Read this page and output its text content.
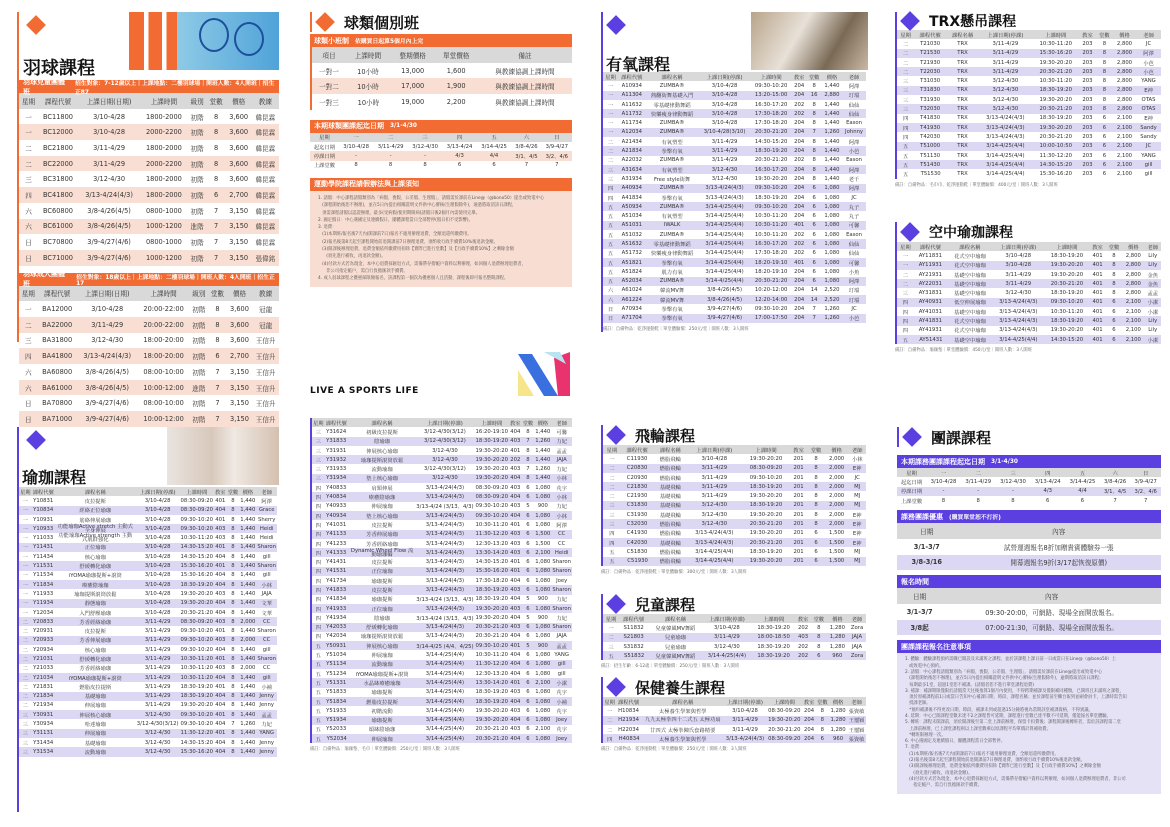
羽球課程
羽球兒童團體班
招生對象：7-12歲以上｜上課地點：二樓羽球場｜開班人數：4人開班｜招生正87
星期	課程代號	上課日期(日期)	上課時間	級別	堂數	價格	教練
一	BC11800	3/10-4/28	1800-2000	初階	8	3,600	韓昆霖
一	BC12000	3/10-4/28	2000-2200	初階	8	3,600	韓昆霖
二	BC21800	3/11-4/29	1800-2000	初階	8	3,600	韓昆霖
二	BC22000	3/11-4/29	2000-2200	初階	8	3,600	韓昆霖
三	BC31800	3/12-4/30	1800-2000	初階	8	3,600	韓昆霖
四	BC41800	3/13-4/24(4/3)	1800-2000	初階	6	2,700	韓昆霖
六	BC60800	3/8-4/26(4/5)	0800-1000	初階	7	3,150	韓昆霖
六	BC61000	3/8-4/26(4/5)	1000-1200	進階	7	3,150	韓昆霖
日	BC70800	3/9-4/27(4/6)	0800-1000	初階	7	3,150	韓昆霖
日	BC71000	3/9-4/27(4/6)	1000-1200	初階	7	3,150	張偉銘
羽球成人團體班
招生對象：18歲以上｜上課地點：二樓羽球場｜開班人數：4人開班｜招生正17
星期	課程代號	上課日期(日期)	上課時間	級別	堂數	價格	教練
一	BA12000	3/10-4/28	20:00-22:00	初階	8	3,600	冠龍
二	BA22000	3/11-4/29	20:00-22:00	初階	8	3,600	冠龍
三	BA31800	3/12-4/30	18:00-20:00	初階	8	3,600	王信升
四	BA41800	3/13-4/24(4/3)	18:00-20:00	初階	6	2,700	王信升
六	BA60800	3/8-4/26(4/5)	08:00-10:00	初階	7	3,150	王信升
六	BA61000	3/8-4/26(4/5)	10:00-12:00	進階	7	3,150	王信升
日	BA70800	3/9-4/27(4/6)	08:00-10:00	初階	7	3,150	王信升
日	BA71000	3/9-4/27(4/6)	10:00-12:00	初階	7	3,150	王信升
球類個別班
球類小班制 依購買日起算5個月內上完
項目	上課時間	整期價格	單堂價格	備註
一對一	10小時	13,000	1,600	與教練協調上課時間
一對二	10小時	17,000	1,900	與教練協調上課時間
一對三	10小時	19,000	2,200	與教練協調上課時間
本期球類團課起迄日期 3/1-4/30
星期	一	二	三	四	五	六	日
起迄日期	3/10-4/28	3/11-4/29	3/12-4/30	3/13-4/24	3/14-4/25	3/8-4/26	3/9-4/27
停課日期	-	-	-	4/3	4/4	3/1、4/5	3/2、4/6
上課堂數	8	8	8	6	6	7	7
運動學院課程請假辦法與上課須知
1. 請假：中心課程請假類別為「病假、喪假、公差假、生理假」，請假需於課前在Line@（@bono50）提出或致電中心
(課程開始後恕不辦理)，並在5日內提出相關證明文件供中心審核(生理假除外)，通過將取消該日課程，
須需課程請假以認證辦理，最多(受病假/使用期限病)請假日後2個月內需使用完畢。
2. 國定假日：中心遇國定及連續假日，團體課程當日全部暫停(假日扣不受影響)。
3. 退費：
(1)本期班/報名後7天內(開課前7日)報名不適用辦理退費，全額退還所繳費用。
(2)報名後第8天起至課程開始前退開課前7日辦理退費，須酌收行政手續費10%後退款金額。
(3)開課後辦理退費，退費金額依所繳費用扣除【實際已進行堂數】及【行政手續費10%】之剩餘金額
(須先進行補收，再退款金額)。
(4)付款方式若為現金，本中心退費採匯退方式，需備帶存摺帳戶資料以利辦理，如回個人退費辦理退費者，
非公司指定帳戶，需自行負擔匯款手續費。
4. 成人羽球課程之優惠採限額報名，該課程第一個次為優惠個人且活動，課程後即可報名整期課程。
LIVE A SPORTS LIFE
有氧課程
星期	課程代號	課程名稱	上課日期(停課)	上課時間	教室	堂數	價格	老師
一	A10934	ZUMBA®	3/10-4/28	09:30-10:20	204	8	1,440	阿澤
一	A11304	熱翻街舞基礎入門	3/10-4/28	13:20-15:00	204	16	2,880	玎璫
一	A11632	零基礎律動舞蹈	3/10-4/28	16:30-17:20	202	8	1,440	仙仙
一	A11732	快樂瘦身律動舞蹈	3/10-4/28	17:30-18:20	202	8	1,440	仙仙
一	A11734	ZUMBA®	3/10-4/28	17:30-18:20	204	8	1,440	Eason
一	A12034	ZUMBA®	3/10-4/28(3/10)	20:30-21:20	204	7	1,260	Johnny
二	A21434	有氧塑型	3/11-4/29	14:30-15:20	204	8	1,440	阿澤
二	A21834	拳擊有氧	3/11-4/29	18:30-19:20	204	8	1,440	小芭
二	A22032	ZUMBA®	3/11-4/29	20:30-21:20	202	8	1,440	Eason
三	A31634	有氧塑型	3/12-4/30	16:30-17:20	204	8	1,440	阿澤
三	A31934	Free style街舞	3/12-4/30	19:30-20:20	204	8	1,440	老千
四	A40934	ZUMBA®	3/13-4/24(4/3)	09:30-10:20	204	6	1,080	阿澤
四	A41834	拳擊有氧	3/13-4/24(4/3)	18:30-19:20	204	6	1,080	JC
五	A50934	ZUMBA®	3/14-4/25(4/4)	09:30-10:20	204	6	1,080	丸子
五	A51034	有氧塑型	3/14-4/25(4/4)	10:30-11:20	204	6	1,080	丸子
五	A51031	IWALK	3/14-4/25(4/4)	10:30-11:20	401	6	1,080	可馨
五	A51032	ZUMBA®	3/14-4/25(4/4)	10:30-11:20	202	6	1,080	Eason
五	A51632	零基礎律動舞蹈	3/14-4/25(4/4)	16:30-17:20	202	6	1,080	仙仙
五	A51732	快樂瘦身律動舞蹈	3/14-4/25(4/4)	17:30-18:20	202	6	1,080	仙仙
五	A51821	拳擊有氧	3/14-4/25(4/4)	18:20-19:10	401	6	1,080	可馨
五	A51824	肌力有氧	3/14-4/25(4/4)	18:20-19:10	204	6	1,080	小魚
五	A52034	ZUMBA®	3/14-4/25(4/4)	20:30-21:20	204	6	1,080	阿澤
六	A61024	韓流MV舞	3/8-4/26(4/5)	10:20-12:00	204	14	2,520	玎璫
六	A61224	韓流MV舞	3/8-4/26(4/5)	12:20-14:00	204	14	2,520	玎璫
日	A70934	拳擊有氧	3/9-4/27(4/6)	09:30-10:20	204	7	1,260	JC
日	A71704	拳擊有氧	3/9-4/27(4/6)	17:00-17:50	204	7	1,260	小芭
備註：自備物品：乾淨運動鞋｜單堂體驗價：250元/堂｜開班人數：3人開班
TRX懸吊課程
星期	課程代號	課程名稱	上課日期(停課)	上課時間	教室	堂數	價格	老師
二	T21030	TRX	3/11-4/29	10:30-11:20	203	8	2,800	JC
二	T21530	TRX	3/11-4/29	15:30-16:20	203	8	2,800	阿澤
二	T21930	TRX	3/11-4/29	19:30-20:20	203	8	2,800	小芭
二	T22030	TRX	3/11-4/29	20:30-21:20	203	8	2,800	小芭
三	T31030	TRX	3/12-4/30	10:30-11:20	203	8	2,800	YANG
三	T31830	TRX	3/12-4/30	18:30-19:20	203	8	2,800	E神
三	T31930	TRX	3/12-4/30	19:30-20:20	203	8	2,800	OTAS
三	T32030	TRX	3/12-4/30	20:30-21:20	203	8	2,800	OTAS
四	T41830	TRX	3/13-4/24(4/3)	18:30-19:20	203	6	2,100	E神
四	T41930	TRX	3/13-4/24(4/3)	19:30-20:20	203	6	2,100	Sandy
四	T42030	TRX	3/13-4/24(4/3)	20:30-21:20	203	6	2,100	Sandy
五	T51000	TRX	3/14-4/25(4/4)	10:00-10:50	203	6	2,100	JC
五	T51130	TRX	3/14-4/25(4/4)	11:30-12:20	203	6	2,100	YANG
五	T51430	TRX	3/14-4/25(4/4)	14:30-15:20	203	6	2,100	gill
五	T51530	TRX	3/14-4/25(4/4)	15:30-16:20	203	6	2,100	gill
備註：自備物品：毛巾巾、乾淨運動鞋｜單堂體驗價：400元/堂｜開班人數：3人開班
空中瑜珈課程
星期	課程代號	課程名稱	上課日期(停課)	上課時間	教室	堂數	價格	老師
一	AY11831	花式空中瑜珈	3/10-4/28	18:30-19:20	401	8	2,800	Lily
一	AY11931	花式空中瑜珈	3/10-4/28	19:30-20:20	401	8	2,800	Lily
二	AY21931	基礎空中瑜珈	3/11-4/29	19:30-20:20	401	8	2,800	金魚
二	AY22031	基礎空中瑜珈	3/11-4/29	20:30-21:20	401	8	2,800	金魚
三	AY31831	基礎空中瑜珈	3/12-4/30	18:30-19:20	401	8	2,800	孟孟
四	AY40931	低空伸展瑜珈	3/13-4/24(4/3)	09:30-10:20	401	6	2,100	小潔
四	AY41031	基礎空中瑜珈	3/13-4/24(4/3)	10:30-11:20	401	6	2,100	小潔
四	AY41831	花式空中瑜珈	3/13-4/24(4/3)	18:30-19:20	401	6	2,100	Lily
四	AY41931	花式空中瑜珈	3/13-4/24(4/3)	19:30-20:20	401	6	2,100	Lily
五	AY51431	基礎空中瑜珈	3/14-4/25(4/4)	14:30-15:20	401	6	2,100	小潔
備註：自備物品：瑜珈墊｜單堂體驗價：450元/堂｜開班人數：3人開班
瑜珈課程
星期	課程代號	課程名稱	上課日期(停課)	上課時間	教室	堂數	價格	老師
一	Y10831	皮拉提斯	3/10-4/28	08:30-09:20	401	8	1,440	阿澤
一	Y10834	經絡正位瑜珈	3/10-4/28	08:30-09:20	404	8	1,440	Grace
一	Y10931	筋絡伸展瑜珈	3/10-4/28	09:30-10:20	401	8	1,440	Sherry
一	Y10933	功能瑜珈Active stretch 主動式全身伸展	3/10-4/28	09:30-10:20	403	8	1,440	Heidi
一	Y11033	功能瑜珈Active strength 主動式肌群強化	3/10-4/28	10:30-11:20	403	8	1,440	Heidi
一	Y11431	正位瑜珈	3/10-4/28	14:30-15:20	401	8	1,440	Sharon
一	Y11434	核心瑜珈	3/10-4/28	14:30-15:20	404	8	1,440	gill
一	Y11531	舒緩轉化瑜珈	3/10-4/28	15:30-16:20	401	8	1,440	Sharon
一	Y11534	iYOMA瑜珈提斯+滾筒	3/10-4/28	15:30-16:20	404	8	1,440	gill
一	Y11834	療癒陰瑜珈	3/10-4/28	18:30-19:20	404	8	1,440	小林
一	Y11933	瑜珈提斯滾筒放鬆	3/10-4/28	19:30-20:20	403	8	1,440	JAJA
一	Y11934	靜態瑜珈	3/10-4/28	19:30-20:20	404	8	1,440	文華
一	Y12034	入門舒壓瑜珈	3/10-4/28	20:30-21:20	404	8	1,440	文華
二	Y20833	芳香經絡瑜珈	3/11-4/29	08:30-09:20	403	8	2,000	CC
二	Y20931	皮拉提斯	3/11-4/29	09:30-10:20	401	8	1,440	Sharon
二	Y20933	芳香伸展瑜珈	3/11-4/29	09:30-10:20	403	8	2,000	CC
二	Y20934	核心瑜珈	3/11-4/29	09:30-10:20	404	8	1,440	gill
二	Y21031	舒緩轉化瑜珈	3/11-4/29	10:30-11:20	401	8	1,440	Sharon
二	Y21033	芳香經絡瑜珈	3/11-4/29	10:30-11:20	403	8	2,000	CC
二	Y21034	iYOMA瑜珈提斯+滾筒	3/11-4/29	10:30-11:20	404	8	1,440	gill
二	Y21831	燃脂皮拉提斯	3/11-4/29	18:30-19:20	401	8	1,440	小補
二	Y21834	基礎瑜珈	3/11-4/29	18:30-19:20	404	8	1,440	Jenny
二	Y21934	伸展瑜珈	3/11-4/29	19:30-20:20	404	8	1,440	Jenny
三	Y30931	伸展核心瑜珈	3/12-4/30	09:30-10:20	401	8	1,440	孟孟
三	Y30934	哈達瑜珈	3/12-4/30(3/12)	09:30-10:20	404	7	1,260	力妃
三	Y31131	伸展瑜珈	3/12-4/30	11:30-12:20	401	8	1,440	YANG
三	Y31434	基礎瑜珈	3/12-4/30	14:30-15:20	404	8	1,440	Jenny
三	Y31534	流動瑜珈	3/12-4/30	15:30-16:20	404	8	1,440	Jenny
星期	課程代號	課程名稱	上課日期(停課)	上課時間	教室	堂數	價格	老師
三	Y31624	初級皮拉提斯	3/12-4/30(3/12)	16:20-19:10	404	8	1,440	可馨
三	Y31833	陰瑜珈	3/12-4/30(3/12)	18:30-19:20	403	7	1,260	力妃
三	Y31931	伸展核心瑜珈	3/12-4/30	19:30-20:20	401	8	1,440	孟孟
三	Y31932	瑜珈提斯滾筒放鬆	3/12-4/30	19:30-20:20	202	8	1,440	JAJA
三	Y31933	流動瑜珈	3/12-4/30(3/12)	19:30-20:20	403	7	1,260	力妃
三	Y31934	墊上核心瑜珈	3/12-4/30	19:30-20:20	404	8	1,440	小林
四	Y40833	肩頸伸展	3/13-4/24(4/3)	08:30-09:20	403	6	1,080	芃宇
四	Y40834	療癒陰瑜珈	3/13-4/24(4/3)	08:30-09:20	404	6	1,080	小林
四	Y40933	伸展瑜珈	3/13-4/24 (3/13、4/3)	09:30-10:20	403	5	900	力妃
四	Y40934	墊上核心瑜珈	3/13-4/24(4/3)	09:30-10:20	404	6	1,080	小林
四	Y41031	皮拉提斯	3/13-4/24(4/3)	10:30-11:20	401	6	1,080	阿澤
四	Y41133	芳香伸展瑜珈	3/13-4/24(4/3)	11:30-12:20	403	6	1,500	CC
四	Y41233	芳香經絡瑜珈	3/13-4/24(4/3)	12:30-13:20	403	6	1,500	CC
四	Y41333	Dynamic Wheel Flow 流動瑜珈輪	3/13-4/24(4/3)	13:30-14:20	403	6	2,100	Heidi
四	Y41431	皮拉提斯	3/13-4/24(4/3)	14:30-15:20	401	6	1,080	Sharon
四	Y41531	正位瑜珈	3/13-4/24(4/3)	15:30-16:20	401	6	1,080	Sharon
四	Y41734	瑜珈提斯	3/13-4/24(4/3)	17:30-18:20	404	6	1,080	Joey
四	Y41833	皮拉提斯	3/13-4/24(4/3)	18:30-19:20	403	6	1,080	Sharon
四	Y41834	瑜珈提斯	3/13-4/24 (3/13、4/3)	18:30-19:20	404	5	900	力妃
四	Y41933	正位瑜珈	3/13-4/24(4/3)	19:30-20:20	403	6	1,080	Sharon
四	Y41934	陰瑜珈	3/13-4/24 (3/13、4/3)	19:30-20:20	404	5	900	力妃
四	Y42033	舒緩轉化瑜珈	3/13-4/24(4/3)	20:30-21:20	403	6	1,080	Sharon
四	Y42034	瑜珈提斯滾筒放鬆	3/13-4/24(4/3)	20:30-21:20	404	6	1,080	JAJA
五	Y50931	伸展核心瑜珈	3/14-4/25 (4/4、4/25)	09:30-10:20	401	5	900	孟孟
五	Y51034	伸展瑜珈	3/14-4/25(4/4)	10:30-11:20	404	6	1,080	YANG
五	Y51134	流動瑜珈	3/14-4/25(4/4)	11:30-12:20	404	6	1,080	gill
五	Y51234	iYOMA瑜珈提斯+滾筒	3/14-4/25(4/4)	12:30-13:20	404	6	1,080	gill
五	Y51331	水晶缽療癒瑜珈	3/14-4/25(4/4)	13:30-14:20	401	6	2,100	小潔
五	Y51833	瑜珈提斯	3/14-4/25(4/4)	18:30-19:20	403	6	1,080	芃宇
五	Y51834	燃脂皮拉提斯	3/14-4/25(4/4)	18:30-19:20	404	6	1,080	小補
五	Y51933	初階流動	3/14-4/25(4/4)	19:30-20:20	403	6	1,080	芃宇
五	Y51934	瑜珈提斯	3/14-4/25(4/4)	19:30-20:20	404	6	1,080	Joey
五	Y52033	頌缽陰瑜珈	3/14-4/25(4/4)	20:30-21:20	403	6	2,100	芃宇
五	Y52034	伸展瑜珈	3/14-4/25(4/4)	20:30-21:20	404	6	1,080	Joey
備註：自備物品：瑜珈墊、毛巾｜單堂體驗價：250元/堂｜開班人數：3人開班
飛輪課程
星期	課程代號	課程名稱	上課日期(停課)	上課時間	教室	堂數	價格	老師
一	C11930	燃脂飛輪	3/10-4/28	19:30-20:20	201	8	2,000	小林
二	C20830	燃脂飛輪	3/11-4/29	08:30-09:20	201	8	2,000	E神
二	C20930	燃脂飛輪	3/11-4/29	09:30-10:20	201	8	2,000	JC
二	C21830	基礎飛輪	3/11-4/29	18:30-19:20	201	8	2,000	MJ
二	C21930	基礎飛輪	3/11-4/29	19:30-20:20	201	8	2,000	MJ
三	C31830	基礎飛輪	3/12-4/30	18:30-19:20	201	8	2,000	MJ
三	C31930	基礎飛輪	3/12-4/30	19:30-20:20	201	8	2,000	E神
三	C32030	燃脂飛輪	3/12-4/30	20:30-21:20	201	8	2,000	E神
四	C41930	燃脂飛輪	3/13-4/24(4/3)	19:30-20:20	201	6	1,500	E神
四	C42030	基礎飛輪	3/13-4/24(4/3)	20:30-21:20	201	6	1,500	E神
五	C51830	燃脂飛輪	3/14-4/25(4/4)	18:30-19:20	201	6	1,500	MJ
五	C51930	燃脂飛輪	3/14-4/25(4/4)	19:30-20:20	201	6	1,500	MJ
備註：自備物品：乾淨運動鞋｜單堂體驗價：300元/堂｜開班人數：3人開班
兒童課程
星期	課程代號	課程名稱	上課日期(停課)	上課時間	教室	堂數	價格	老師
一	S11832	兒童韓風MV舞蹈	3/10-4/28	18:30-19:20	202	8	1,280	Zora
二	S21803	兒童瑜珈	3/11-4/29	18:00-18:50	403	8	1,280	JAJA
三	S31832	兒童瑜珈	3/12-4/30	18:30-19:20	202	8	1,280	JAJA
五	S51832	兒童韓風MV舞蹈	3/14-4/25(4/4)	18:30-19:20	202	6	960	Zora
備註：招生年齡：6-12歲｜單堂體驗價：250元/堂｜開班人數：3人開班
保健養生課程
星期	課程代號	課程名稱	上課日期(停課)	上課時間	教室	堂數	價格	老師
一	H10834	太極養生學架與哲學	3/10-4/28	08:30-09:20	204	8	1,280	張資敏
二	H21934	九九太極拳四十二式五 太極功扇	3/11-4/29	19:30-20:20	204	8	1,280	王璽穎
二	H22034	廿四式 太極拳陳氏套路精要	3/11-4/29	20:30-21:20	204	8	1,280	王璽穎
四	H40834	太極養生學架與哲學	3/13-4/24(4/3)	08:30-09:20	204	6	960	張資敏
備註：自備物品：乾淨運動鞋｜單堂體驗價：250元/堂｜開班人數：3人開班
團課課程
本期課務團課課程起迄日期 3/1-4/30
星期	一	二	三	四	五	六	日
起迄日期	3/10-4/28	3/11-4/29	3/12-4/30	3/13-4/24	3/14-4/25	3/8-4/26	3/9-4/27
停課日期	-	-	-	4/3	4/4	3/1、4/5	3/2、4/6
上課堂數	8	8	8	6	6	7	7
課務團課優惠 (購買單堂恕不打折)
日期	內容
3/1-3/7	試營運週報名8折加贈貴賓體驗券一張
3/8-3/16	開幕週報名9折(3/17起恢復原價)
報名時間
日期	內容
3/1-3/7	09:30-20:00，可網路、現場全面開放報名。
3/8起	07:00-21:30，可網路、現場全面開放報名。
團課課程報名注意事項
1. 體驗：體驗課程預約需購已開設及未滿班之課程，並於該課程上課日前一日或當日在Line@（@bono50）上
或致電中心預約。
2. 請假：中心課程請假類別為「病假、喪假、公差假、生理假」，請假需於課前在Line@提出或致電中心
(課程開始後恕不辦理)，並在5日內提出相關證明文件供中心審核(生理假除外)，逾期將取消該日課程；
每期最多1堂，超過1堂恕不補課。(請假者恕不進行單堂課程退費)
3. 補課：補課期限僅限於請假當天往後推算1個月內使用，不得跨期補課及僅限補同種類，已開班且未滿班之課程，
須於原補課程前1日或當日告知中心補課日期、時段、課程名稱；並於課程前至櫃台報到並刷會員卡，上課時需告知
授課老師。
*預約補課後不得更改日期、時段，補課未到或超過15分鐘將視為當期該堂補課資格，不得異議。
4. 延期：中心已開課程堂數未達不2之課程皆可延期，課程進行堂數已達半數不可延期，僅能報名單堂體驗。
5. 轉班：課程未開課前，須於開課後至第二堂上課前辦理，保留卡扣費後；課程開課後轉班者，需於該課程第二堂
上課前辦理，已上課堂課程則以上課堂數乘以原課程平均單價計算補收費。
*轉班限辦理一次。
6. 中心遇國定及連續假日，團體課程當日全部暫停。
7. 退費：
(1)本期班/報名後7天內(開課前7日)報名不適用辦理退費，全額退還所繳費用。
(2)報名後第8天起至課程開始前退開課前7日辦理退費，須酌收行政手續費10%後退款金額。
(3)開課後辦理退費，退費金額依所繳費用扣除【實際已進行堂數】及【行政手續費10%】之剩餘金額
(須先進行補收，再退款金額)。
(4)付款方式若為現金，本中心退費採匯退方式，需備帶存摺帳戶資料以利辦理，如回個人退費辦理退費者，非公司
指定帳戶，需自行負擔匯款手續費。
